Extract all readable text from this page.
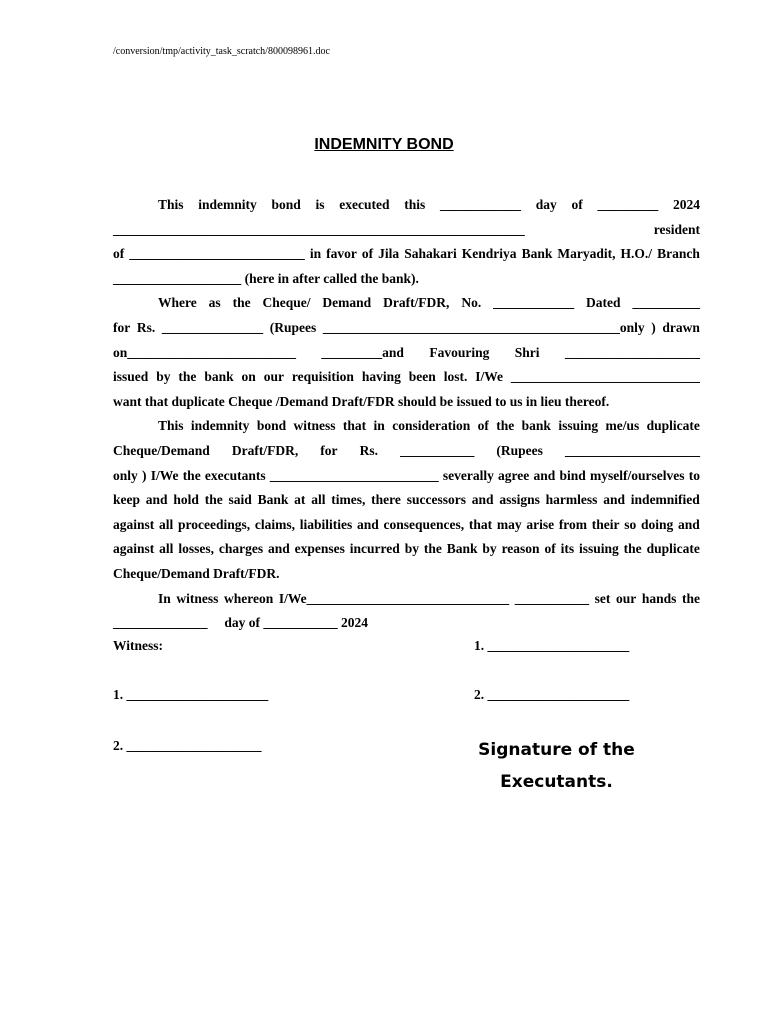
/conversion/tmp/activity_task_scratch/800098961.doc
INDEMNITY BOND
This indemnity bond is executed this ____________ day of _________ 2024
_____________________________________________________________	resident
of __________________________ in favor of Jila Sahakari Kendriya Bank Maryadit, H.O./ Branch
___________________ (here in after called the bank).
Where as the Cheque/ Demand Draft/FDR, No. ____________ Dated __________
for Rs. _______________ (Rupees ____________________________________________only ) drawn
on_________________________ _________and Favouring Shri ____________________
issued by the bank on our requisition having been lost. I/We ____________________________
want that duplicate Cheque /Demand Draft/FDR should be issued to us in lieu thereof.
This indemnity bond witness that in consideration of the bank issuing me/us duplicate
Cheque/Demand Draft/FDR, for Rs. ___________ (Rupees ____________________
only ) I/We the executants _________________________ severally agree and bind myself/ourselves to
keep and hold the said Bank at all times, there successors and assigns harmless and indemnified
against all proceedings, claims, liabilities and consequences, that may arise from their so doing and
against all losses, charges and expenses incurred by the Bank by reason of its issuing the duplicate
Cheque/Demand Draft/FDR.
In witness whereon I/We______________________________ ___________ set our hands the
______________     day of ___________ 2024
Witness:	1. _____________________
1. _____________________	2. _____________________
2. ____________________	Signature of the Executants.
